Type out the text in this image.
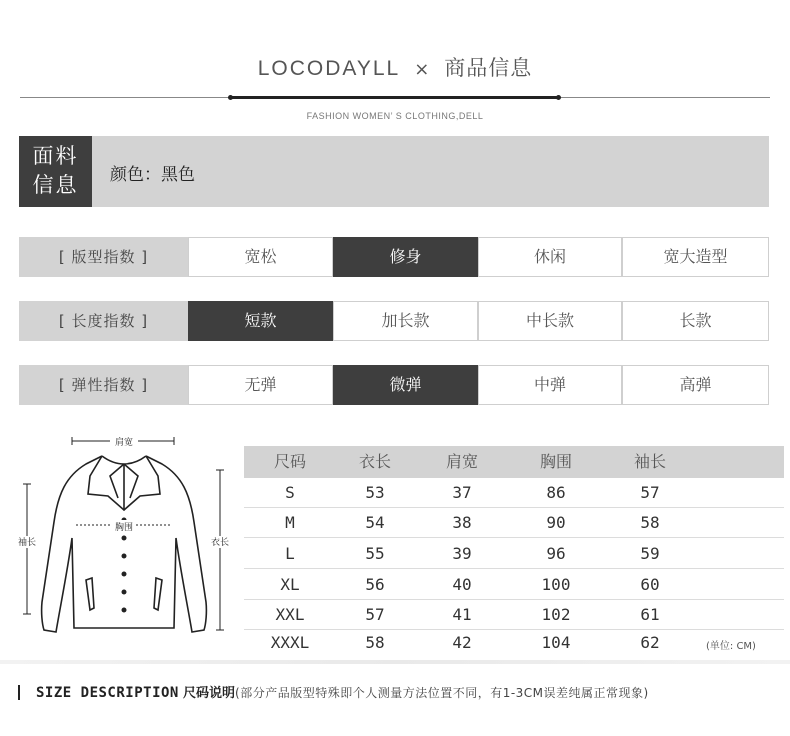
LOCODAYLL × 商品信息
FASHION WOMEN’ S CLOTHING,DELL
面料
信息	颜色：黑色
[ 版型指数 ]	宽松	修身	休闲	宽大造型
[ 长度指数 ]	短款	加长款	中长款	长款
[ 弹性指数 ]	无弹	微弹	中弹	高弹
肩宽
胸围
袖长	衣长
尺码	衣长	肩宽	胸围	袖长
S	53	37	86	57
M	54	38	90	58
L	55	39	96	59
XL	56	40	100	60
XXL	57	41	102	61
XXXL	58	42	104	62	(单位: CM)
SIZE DESCRIPTION 尺码说明(部分产品版型特殊即个人测量方法位置不同，有1-3CM误差纯属正常现象)
